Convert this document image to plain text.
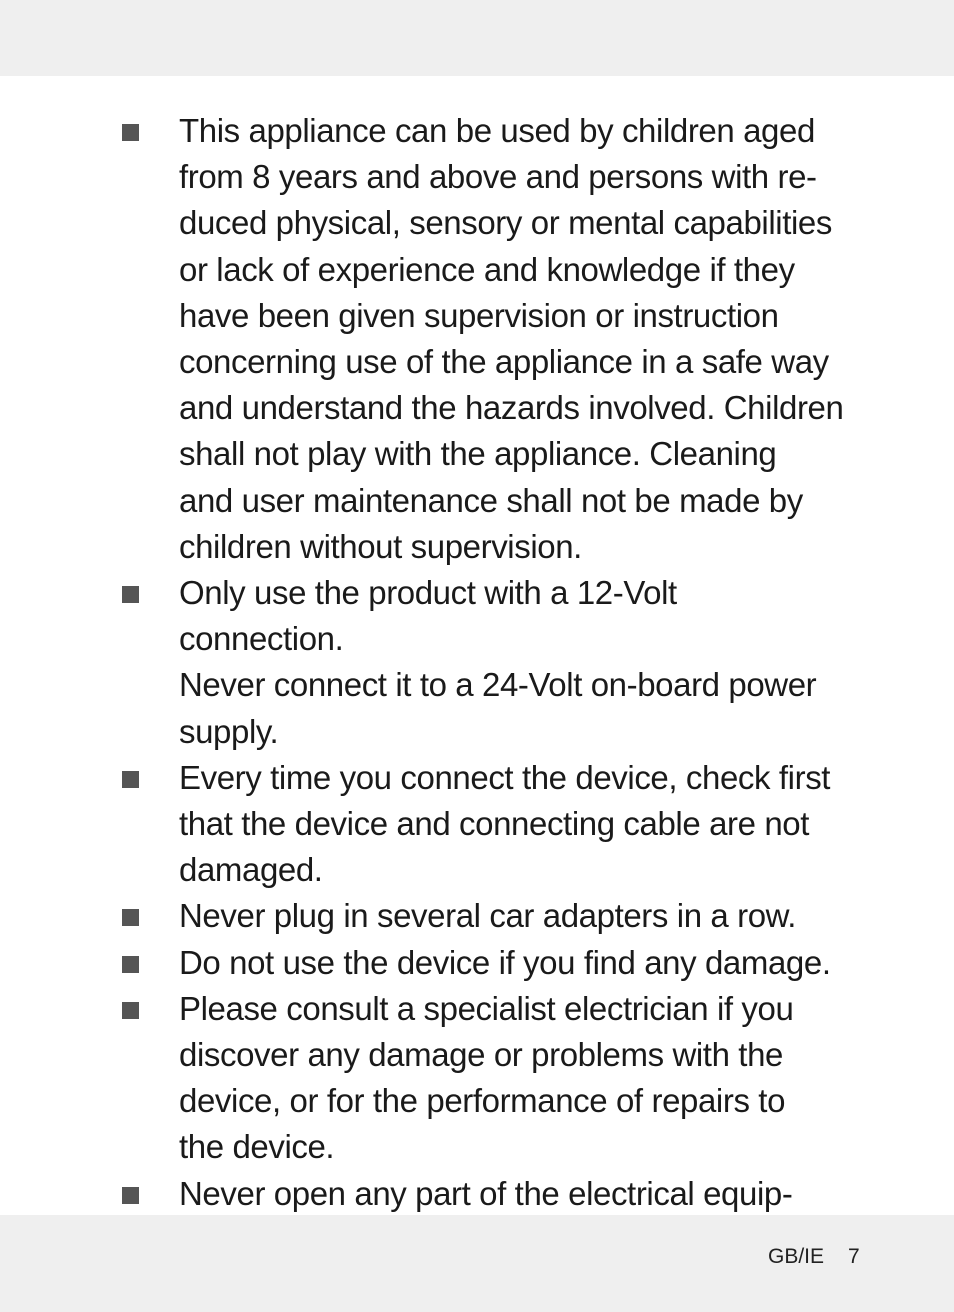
This appliance can be used by children aged
from 8 years and above and persons with re-
duced physical, sensory or mental capabilities
or lack of experience and knowledge if they
have been given supervision or instruction
concerning use of the appliance in a safe way
and understand the hazards involved. Children
shall not play with the appliance. Cleaning
and user maintenance shall not be made by
children without supervision.
Only use the product with a 12-Volt connection.
Never connect it to a 24-Volt on-board power
supply.
Every time you connect the device, check first
that the device and connecting cable are not
damaged.
Never plug in several car adapters in a row.
Do not use the device if you find any damage.
Please consult a specialist electrician if you
discover any damage or problems with the
device, or for the performance of repairs to
the device.
Never open any part of the electrical equip-
GB/IE 7
